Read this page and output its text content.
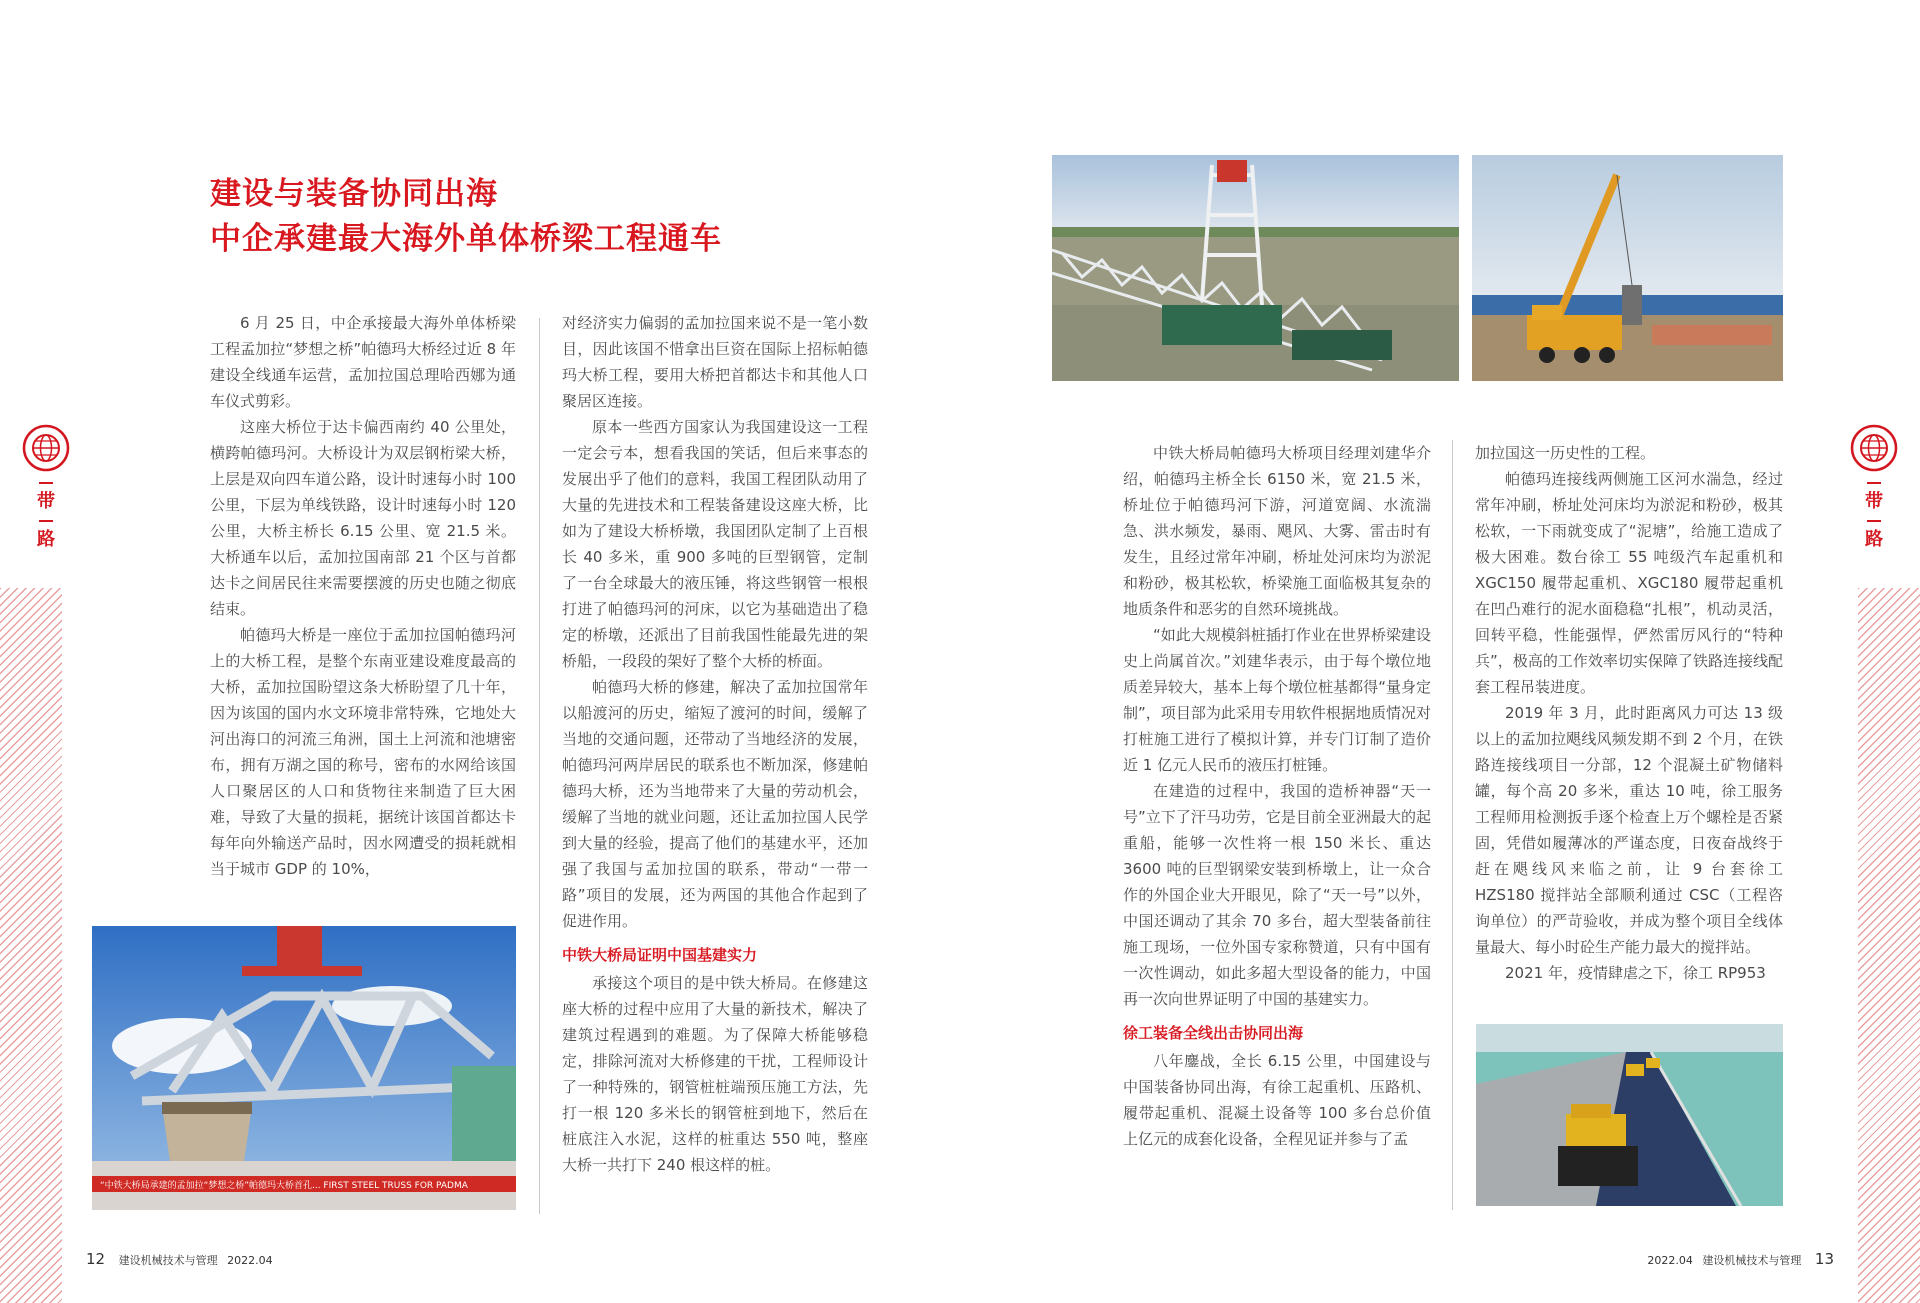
带
路
带
路
建设与装备协同出海
中企承建最大海外单体桥梁工程通车

6 月 25 日，中企承接最大海外单体桥梁工程孟加拉“梦想之桥”帕德玛大桥经过近 8 年建设全线通车运营，孟加拉国总理哈西娜为通车仪式剪彩。

这座大桥位于达卡偏西南约 40 公里处，横跨帕德玛河。大桥设计为双层钢桁梁大桥，上层是双向四车道公路，设计时速每小时 100 公里，下层为单线铁路，设计时速每小时 120 公里，大桥主桥长 6.15 公里、宽 21.5 米。大桥通车以后，孟加拉国南部 21 个区与首都达卡之间居民往来需要摆渡的历史也随之彻底结束。

帕德玛大桥是一座位于孟加拉国帕德玛河上的大桥工程，是整个东南亚建设难度最高的大桥，孟加拉国盼望这条大桥盼望了几十年，因为该国的国内水文环境非常特殊，它地处大河出海口的河流三角洲，国土上河流和池塘密布，拥有万湖之国的称号，密布的水网给该国人口聚居区的人口和货物往来制造了巨大困难，导致了大量的损耗，据统计该国首都达卡每年向外输送产品时，因水网遭受的损耗就相当于城市 GDP 的 10%，

对经济实力偏弱的孟加拉国来说不是一笔小数目，因此该国不惜拿出巨资在国际上招标帕德玛大桥工程，要用大桥把首都达卡和其他人口聚居区连接。

原本一些西方国家认为我国建设这一工程一定会亏本，想看我国的笑话，但后来事态的发展出乎了他们的意料，我国工程团队动用了大量的先进技术和工程装备建设这座大桥，比如为了建设大桥桥墩，我国团队定制了上百根长 40 多米，重 900 多吨的巨型钢管，定制了一台全球最大的液压锤，将这些钢管一根根打进了帕德玛河的河床，以它为基础造出了稳定的桥墩，还派出了目前我国性能最先进的架桥船，一段段的架好了整个大桥的桥面。

帕德玛大桥的修建，解决了孟加拉国常年以船渡河的历史，缩短了渡河的时间，缓解了当地的交通问题，还带动了当地经济的发展，帕德玛河两岸居民的联系也不断加深，修建帕德玛大桥，还为当地带来了大量的劳动机会，缓解了当地的就业问题，还让孟加拉国人民学到大量的经验，提高了他们的基建水平，还加强了我国与孟加拉国的联系，带动“一带一路”项目的发展，还为两国的其他合作起到了促进作用。

中铁大桥局证明中国基建实力

承接这个项目的是中铁大桥局。在修建这座大桥的过程中应用了大量的新技术，解决了建筑过程遇到的难题。为了保障大桥能够稳定，排除河流对大桥修建的干扰，工程师设计了一种特殊的，钢管桩桩端预压施工方法，先打一根 120 多米长的钢管桩到地下，然后在桩底注入水泥，这样的桩重达 550 吨，整座大桥一共打下 240 根这样的桩。

中铁大桥局帕德玛大桥项目经理刘建华介绍，帕德玛主桥全长 6150 米，宽 21.5 米，桥址位于帕德玛河下游，河道宽阔、水流湍急、洪水频发，暴雨、飓风、大雾、雷击时有发生，且经过常年冲刷，桥址处河床均为淤泥和粉砂，极其松软，桥梁施工面临极其复杂的地质条件和恶劣的自然环境挑战。

“如此大规模斜桩插打作业在世界桥梁建设史上尚属首次。”刘建华表示，由于每个墩位地质差异较大，基本上每个墩位桩基都得“量身定制”，项目部为此采用专用软件根据地质情况对打桩施工进行了模拟计算，并专门订制了造价近 1 亿元人民币的液压打桩锤。

在建造的过程中，我国的造桥神器“天一号”立下了汗马功劳，它是目前全亚洲最大的起重船，能够一次性将一根 150 米长、重达 3600 吨的巨型钢梁安装到桥墩上，让一众合作的外国企业大开眼见，除了“天一号”以外，中国还调动了其余 70 多台，超大型装备前往施工现场，一位外国专家称赞道，只有中国有一次性调动，如此多超大型设备的能力，中国再一次向世界证明了中国的基建实力。

徐工装备全线出击协同出海

八年鏖战，全长 6.15 公里，中国建设与中国装备协同出海，有徐工起重机、压路机、履带起重机、混凝土设备等 100 多台总价值上亿元的成套化设备，全程见证并参与了孟

加拉国这一历史性的工程。

帕德玛连接线两侧施工区河水湍急，经过常年冲刷，桥址处河床均为淤泥和粉砂，极其松软，一下雨就变成了“泥塘”，给施工造成了极大困难。数台徐工 55 吨级汽车起重机和 XGC150 履带起重机、XGC180 履带起重机在凹凸难行的泥水面稳稳“扎根”，机动灵活，回转平稳，性能强悍，俨然雷厉风行的“特种兵”，极高的工作效率切实保障了铁路连接线配套工程吊装进度。

2019 年 3 月，此时距离风力可达 13 级以上的孟加拉飓线风频发期不到 2 个月，在铁路连接线项目一分部，12 个混凝土矿物储料罐，每个高 20 多米，重达 10 吨，徐工服务工程师用检测扳手逐个检查上万个螺栓是否紧固，凭借如履薄冰的严谨态度，日夜奋战终于赶在飓线风来临之前，让 9 台套徐工 HZS180 搅拌站全部顺利通过 CSC（工程咨询单位）的严苛验收，并成为整个项目全线体量最大、每小时砼生产能力最大的搅拌站。

2021 年，疫情肆虐之下，徐工 RP953

“中铁大桥局承建的孟加拉“梦想之桥”帕德玛大桥首孔... FIRST STEEL TRUSS FOR PADMA
12 建设机械技术与管理 2022.04	2022.04 建设机械技术与管理 13
